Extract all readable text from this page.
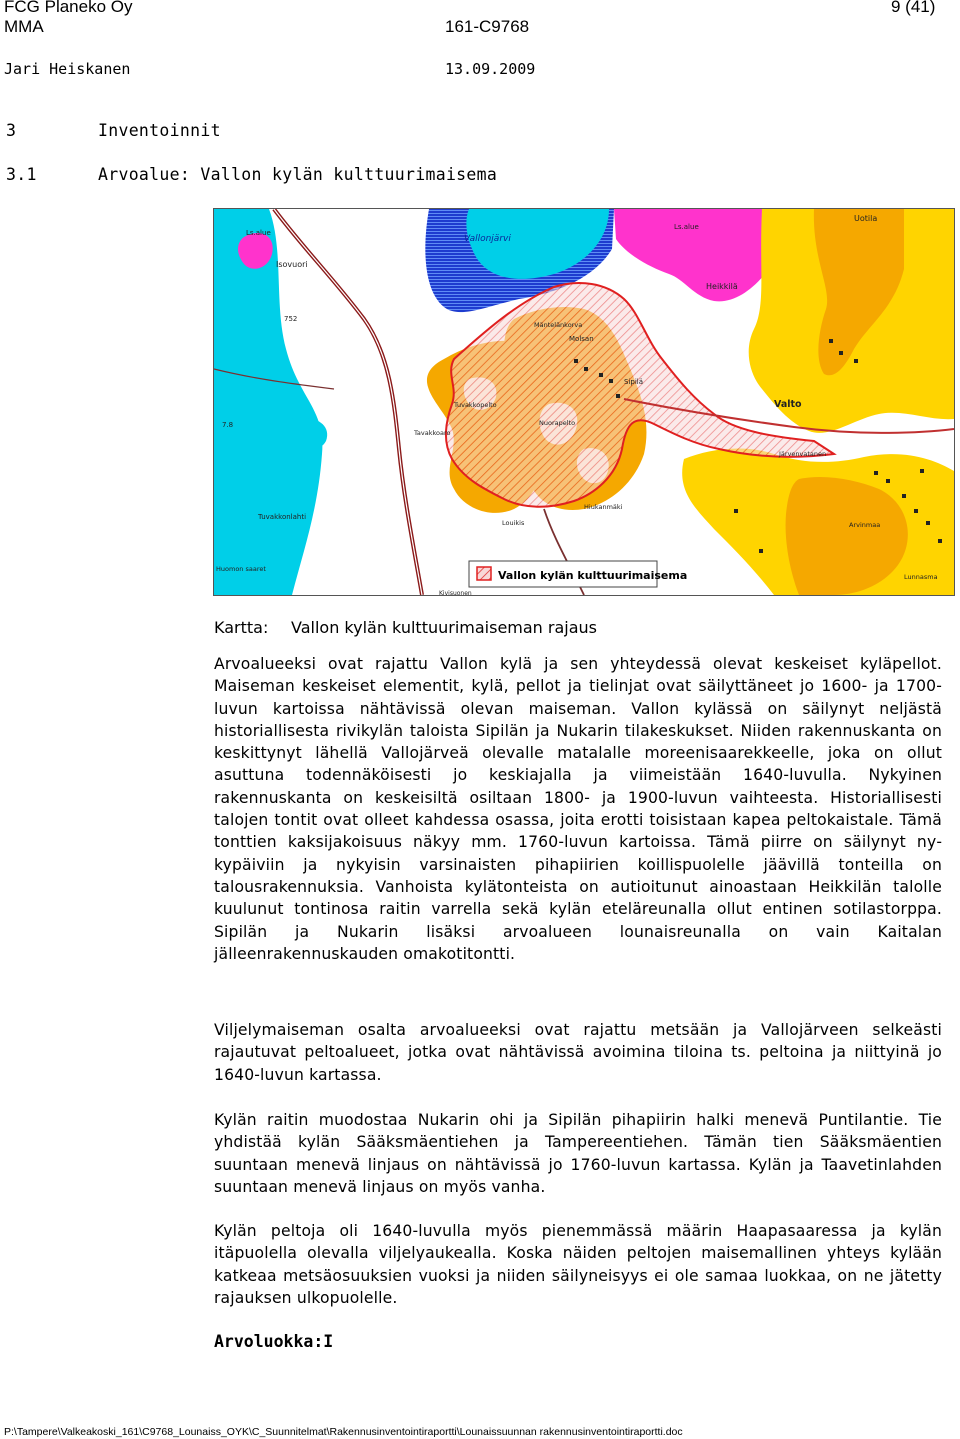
FCG Planeko Oy	9 (41)
MMA	161-C9768
Jari Heiskanen	13.09.2009
3	Inventoinnit
3.1	Arvoalue: Vallon kylän kulttuurimaisema
Vallonjärvi
Isovuori
Ls.alue
Ls.alue
Heikkilä
Uotila
752
7.8
Molsan
Mäntelänkorva
Sipilä
Valto
Tuvakkopelto
Tavakkoaro
Nuorapelto
Järvenvatanen
Tuvakkonlahti
Louikis
Hiukanmäki
Arvinmaa
Lunnasma
Huomon saaret
Kivisuonen
Vallon kylän kulttuurimaisema
Kartta: Vallon kylän kulttuurimaiseman rajaus

Arvoalueeksi ovat rajattu Vallon kylä ja sen yhteydessä olevat keskeiset kyläpellot. Maiseman keskeiset elementit, kylä, pellot ja tielinjat ovat säilyttäneet jo 1600- ja 1700-luvun kartoissa nähtävissä olevan maiseman. Vallon kylässä on säilynyt neljästä historiallisesta rivikylän taloista Sipilän ja Nukarin tilakeskukset. Niiden rakennuskanta on keskittynyt lähellä Vallojärveä olevalle matalalle moreenisaarekkeelle, joka on ollut asuttuna todennäköisesti jo keskiajalla ja viimeistään 1640-luvulla. Nykyinen rakennuskanta on keskeisiltä osiltaan 1800- ja 1900-luvun vaihteesta. Historiallisesti talojen tontit ovat olleet kahdessa osassa, joita erotti toisistaan kapea peltokaistale. Tämä tonttien kaksijakoisuus näkyy mm. 1760-luvun kartoissa. Tämä piirre on säilynyt nykypäiviin ja nykyisin varsinaisten pihapiirien koillispuolelle jäävillä tonteilla on talousrakennuksia. Vanhoista kylätonteista on autioitunut ainoastaan Heikkilän talolle kuulunut tontinosa raitin varrella sekä kylän eteläreunalla ollut entinen sotilastorppa. Sipilän ja Nukarin lisäksi arvoalueen lounaisreunalla on vain Kaitalan jälleenrakennuskauden omakotitontti.

Viljelymaiseman osalta arvoalueeksi ovat rajattu metsään ja Vallojärveen selkeästi rajautuvat peltoalueet, jotka ovat nähtävissä avoimina tiloina ts. peltoina ja niittyinä jo 1640-luvun kartassa.

Kylän raitin muodostaa Nukarin ohi ja Sipilän pihapiirin halki menevä Puntilantie. Tie yhdistää kylän Sääksmäentiehen ja Tampereentiehen. Tämän tien Sääksmäentien suuntaan menevä linjaus on nähtävissä jo 1760-luvun kartassa. Kylän ja Taavetinlahden suuntaan menevä linjaus on myös vanha.

Kylän peltoja oli 1640-luvulla myös pienemmässä määrin Haapasaaressa ja kylän itäpuolella olevalla viljelyaukealla. Koska näiden peltojen maisemallinen yhteys kylään katkeaa metsäosuuksien vuoksi ja niiden säilyneisyys ei ole samaa luokkaa, on ne jätetty rajauksen ulkopuolelle.

Arvoluokka:I
P:\Tampere\Valkeakoski_161\C9768_Lounaiss_OYK\C_Suunnitelmat\Rakennusinventointiraportti\Lounaissuunnan rakennusinventointiraportti.doc
